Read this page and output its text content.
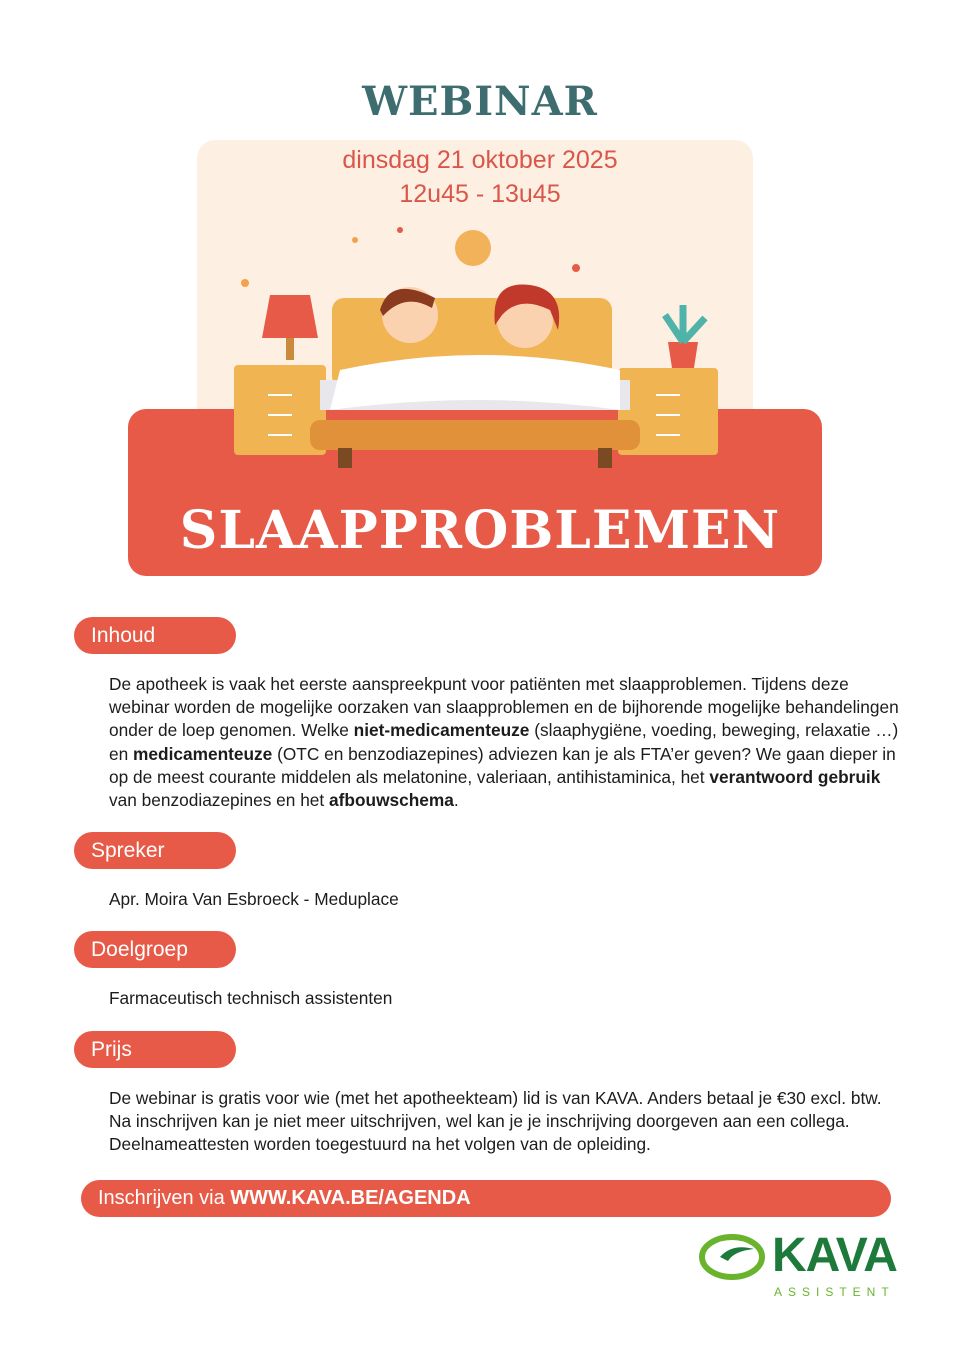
WEBINAR
dinsdag 21 oktober 2025
12u45 - 13u45
SLAAPPROBLEMEN
Inhoud
De apotheek is vaak het eerste aanspreekpunt voor patiënten met slaapproblemen. Tijdens deze webinar worden de mogelijke oorzaken van slaapproblemen en de bijhorende mogelijke behandelingen onder de loep genomen. Welke niet-medicamenteuze (slaaphygiëne, voeding, beweging, relaxatie …) en medicamenteuze (OTC en benzodiazepines) adviezen kan je als FTA’er geven? We gaan dieper in op de meest courante middelen als melatonine, valeriaan, antihistaminica, het verantwoord gebruik van benzodiazepines en het afbouwschema.
Spreker
Apr. Moira Van Esbroeck - Meduplace
Doelgroep
Farmaceutisch technisch assistenten
Prijs
De webinar is gratis voor wie (met het apotheekteam) lid is van KAVA. Anders betaal je €30 excl. btw. Na inschrijven kan je niet meer uitschrijven, wel kan je je inschrijving doorgeven aan een collega. Deelnameattesten worden toegestuurd na het volgen van de opleiding.
Inschrijven via WWW.KAVA.BE/AGENDA
KAVA
ASSISTENT
